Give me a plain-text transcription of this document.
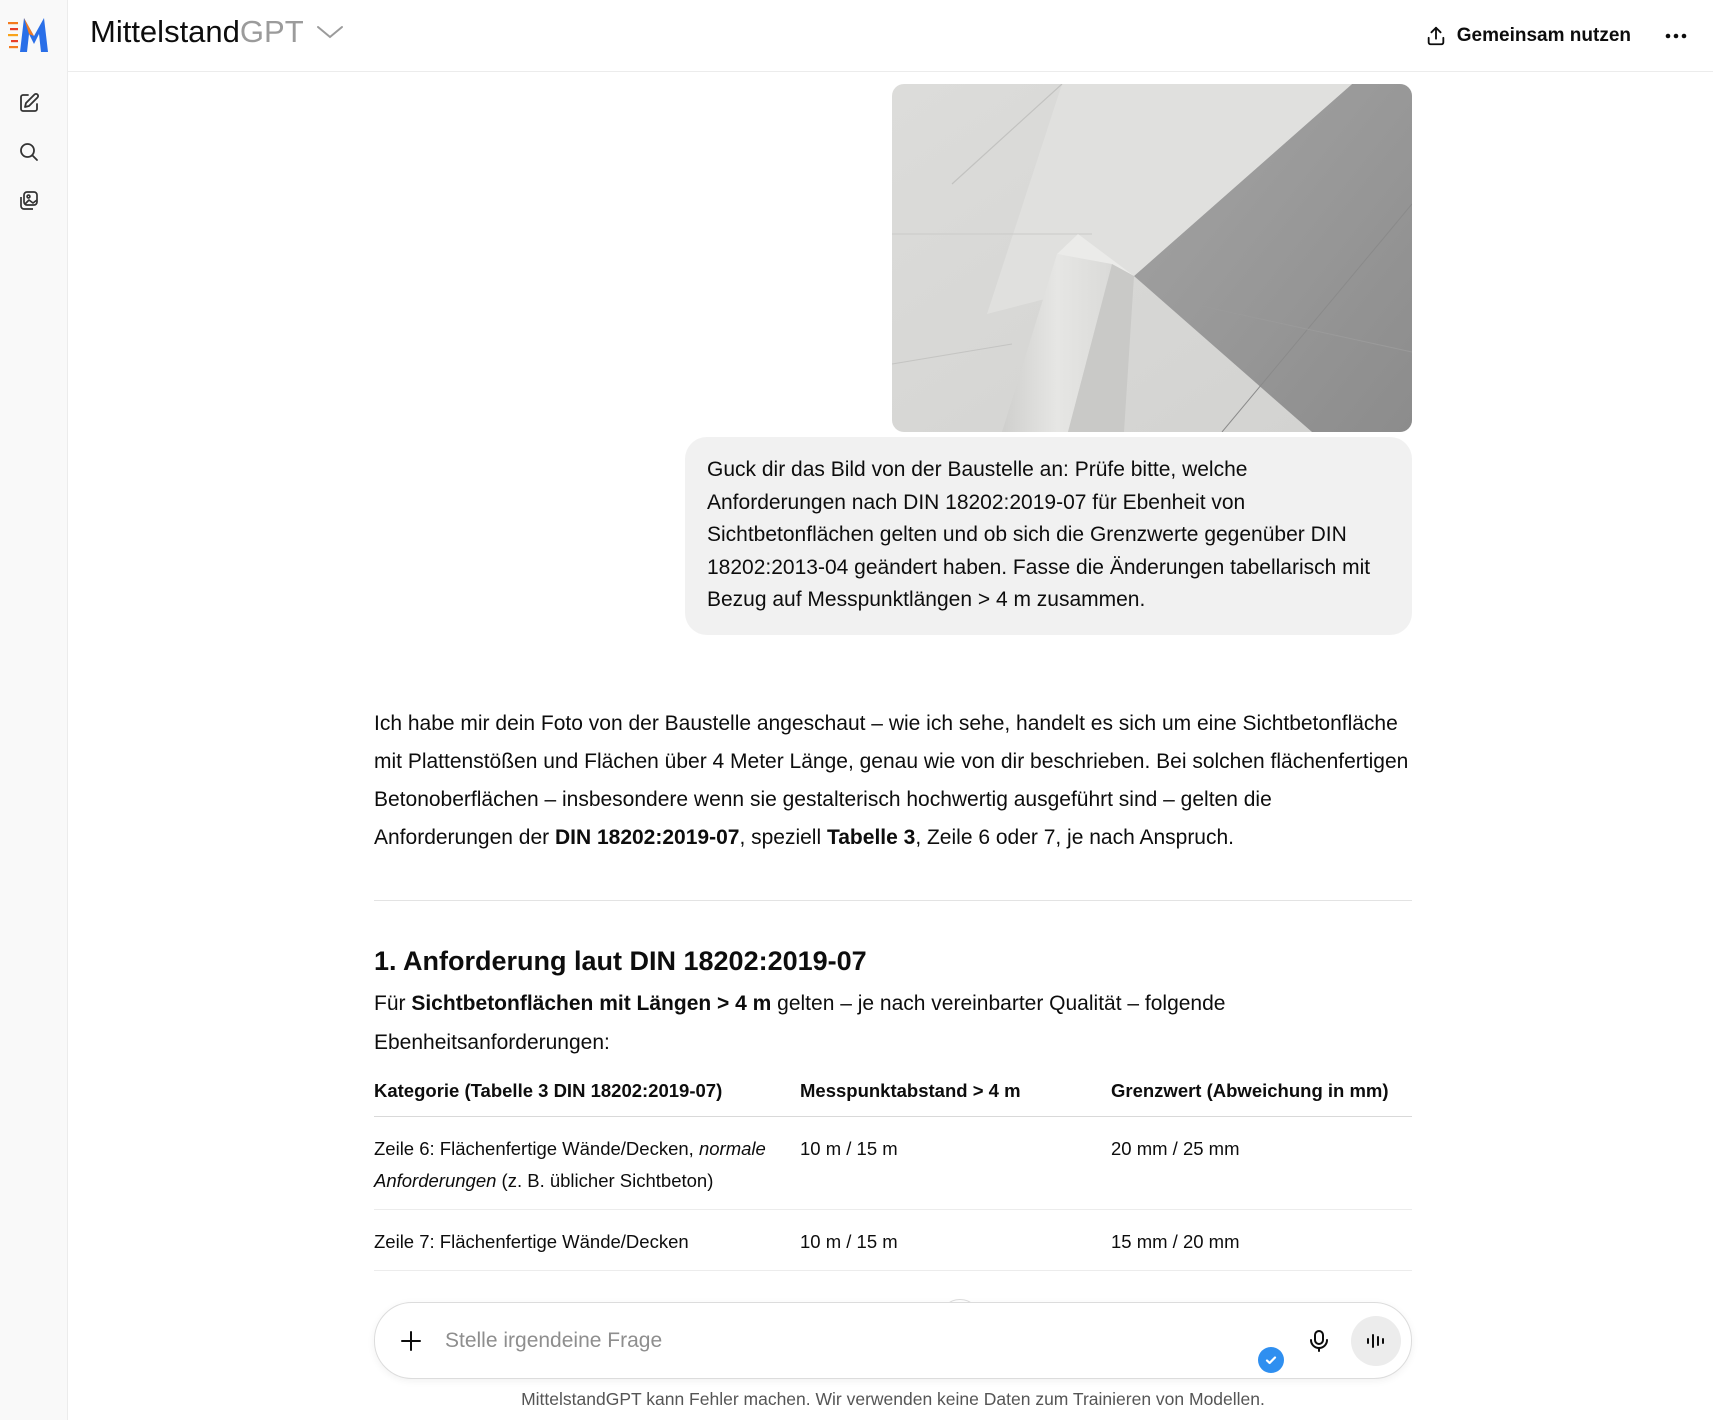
Mittelstand GPT	Gemeinsam nutzen
Guck dir das Bild von der Baustelle an: Prüfe bitte, welche Anforderungen nach DIN 18202:2019-07 für Ebenheit von Sichtbetonflächen gelten und ob sich die Grenzwerte gegenüber DIN 18202:2013-04 geändert haben. Fasse die Änderungen tabellarisch mit Bezug auf Messpunktlängen > 4 m zusammen.

Ich habe mir dein Foto von der Baustelle angeschaut – wie ich sehe, handelt es sich um eine Sichtbetonfläche mit Plattenstößen und Flächen über 4 Meter Länge, genau wie von dir beschrieben. Bei solchen flächenfertigen Betonoberflächen – insbesondere wenn sie gestalterisch hochwertig ausgeführt sind – gelten die Anforderungen der DIN 18202:2019-07, speziell Tabelle 3, Zeile 6 oder 7, je nach Anspruch.

1. Anforderung laut DIN 18202:2019-07

Für Sichtbetonflächen mit Längen > 4 m gelten – je nach vereinbarter Qualität – folgende Ebenheitsanforderungen:

Kategorie (Tabelle 3 DIN 18202:2019-07)	Messpunktabstand > 4 m	Grenzwert (Abweichung in mm)
Zeile 6: Flächenfertige Wände/Decken, normale Anforderungen (z. B. üblicher Sichtbeton)	10 m / 15 m	20 mm / 25 mm
Zeile 7: Flächenfertige Wände/Decken	10 m / 15 m	15 mm / 20 mm
Stelle irgendeine Frage
MittelstandGPT kann Fehler machen. Wir verwenden keine Daten zum Trainieren von Modellen.
